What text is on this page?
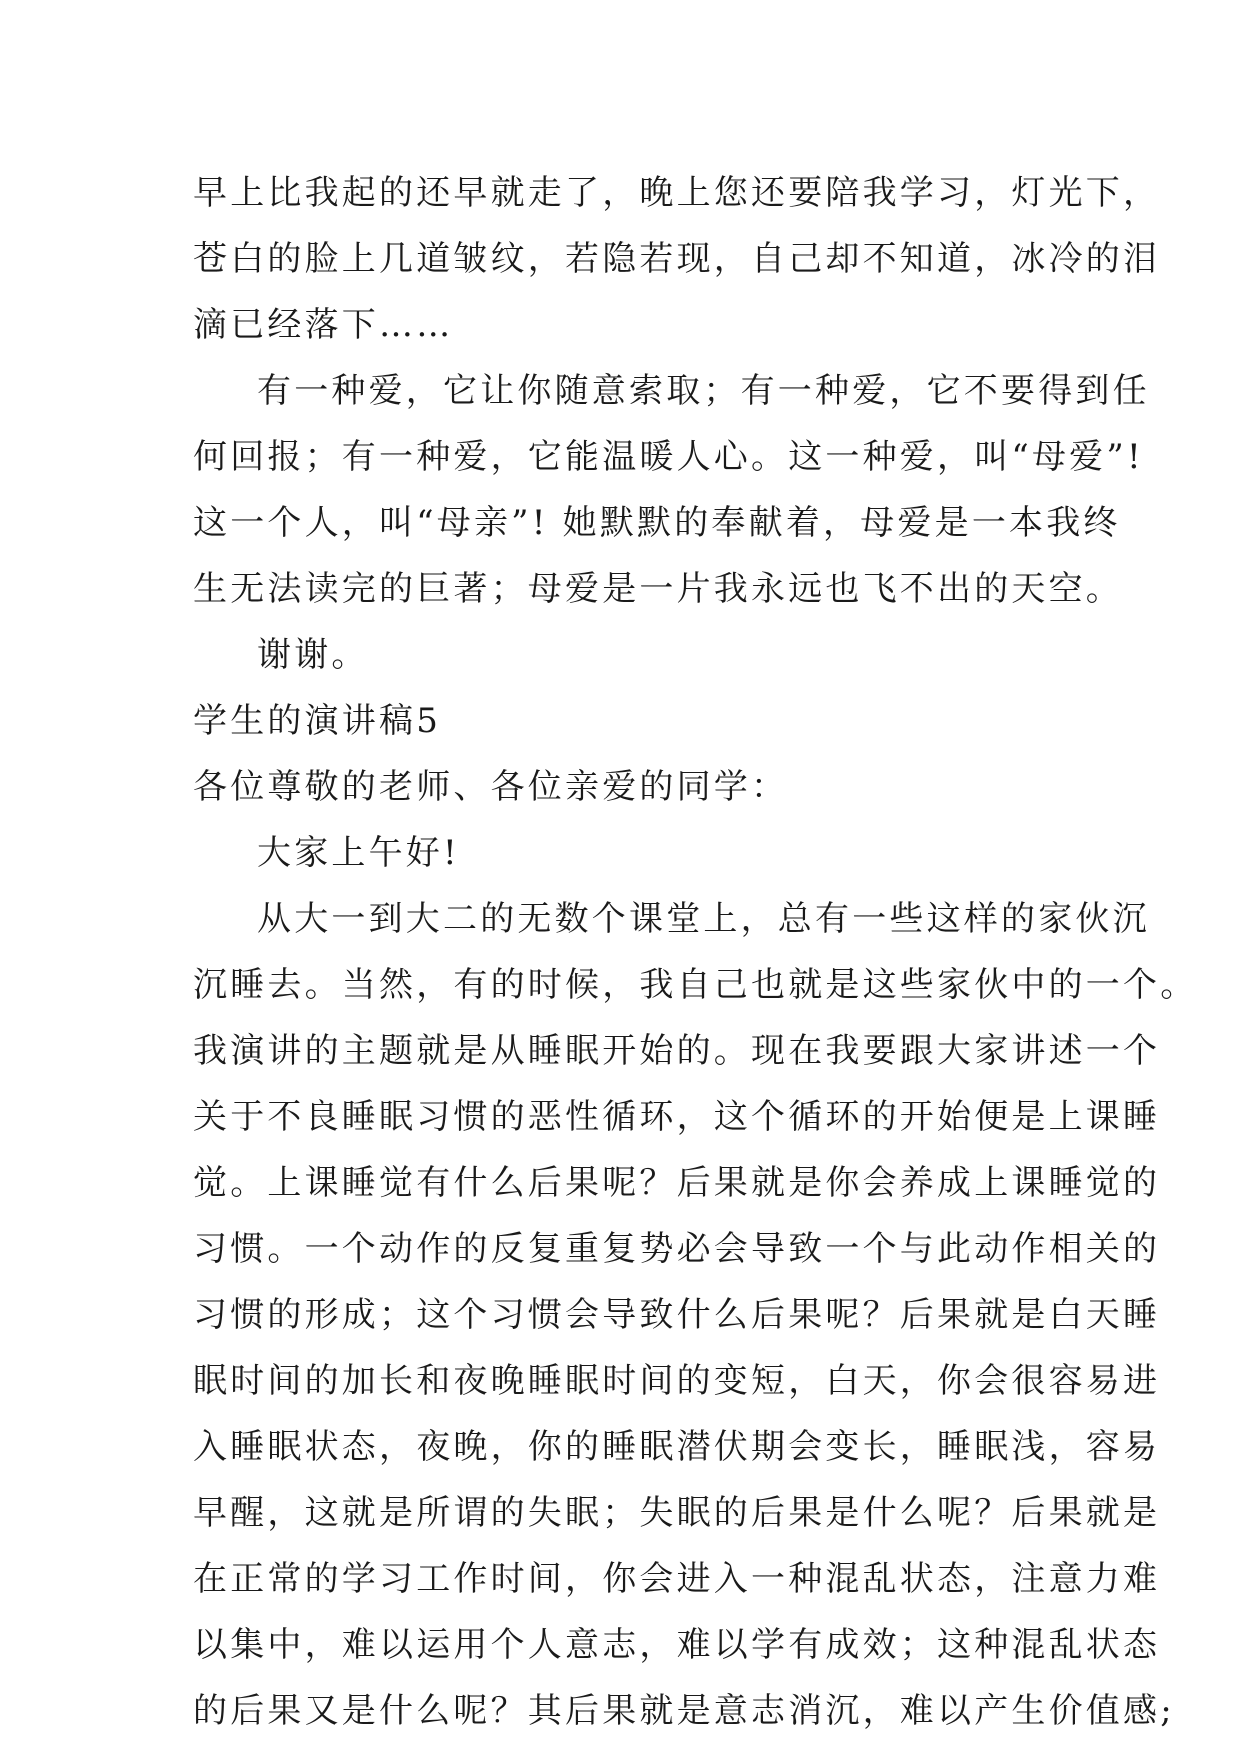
早上比我起的还早就走了，晚上您还要陪我学习，灯光下，
苍白的脸上几道皱纹，若隐若现，自己却不知道，冰冷的泪
滴已经落下……
有一种爱，它让你随意索取；有一种爱，它不要得到任
何回报；有一种爱，它能温暖人心。这一种爱，叫“母爱”!
这一个人，叫“母亲”! 她默默的奉献着，母爱是一本我终
生无法读完的巨著；母爱是一片我永远也飞不出的天空。
谢谢。
学生的演讲稿5
各位尊敬的老师、各位亲爱的同学：
大家上午好!
从大一到大二的无数个课堂上，总有一些这样的家伙沉
沉睡去。当然，有的时候，我自己也就是这些家伙中的一个。
我演讲的主题就是从睡眠开始的。现在我要跟大家讲述一个
关于不良睡眠习惯的恶性循环，这个循环的开始便是上课睡
觉。上课睡觉有什么后果呢？后果就是你会养成上课睡觉的
习惯。一个动作的反复重复势必会导致一个与此动作相关的
习惯的形成；这个习惯会导致什么后果呢？后果就是白天睡
眠时间的加长和夜晚睡眠时间的变短，白天，你会很容易进
入睡眠状态，夜晚，你的睡眠潜伏期会变长，睡眠浅，容易
早醒，这就是所谓的失眠；失眠的后果是什么呢？后果就是
在正常的学习工作时间，你会进入一种混乱状态，注意力难
以集中，难以运用个人意志，难以学有成效；这种混乱状态
的后果又是什么呢？其后果就是意志消沉，难以产生价值感;
